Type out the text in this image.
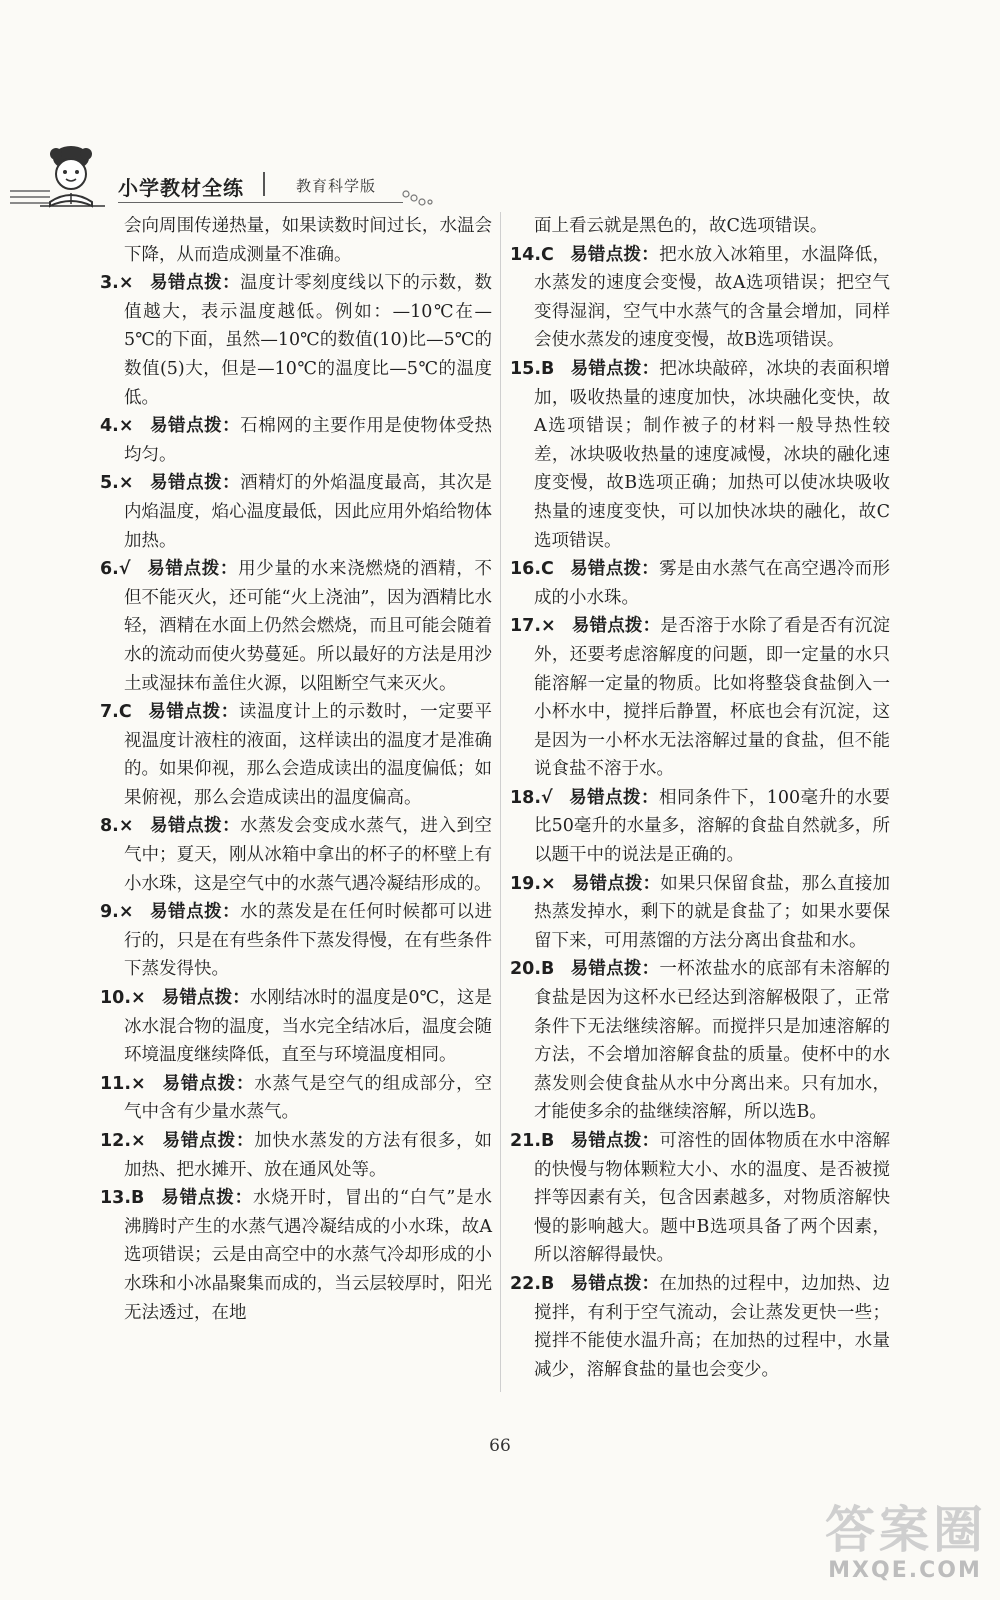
小学教材全练	教育科学版

会向周围传递热量，如果读数时间过长，水温会下降，从而造成测量不准确。

3.× 易错点拨：温度计零刻度线以下的示数，数值越大，表示温度越低。例如：—10℃在—5℃的下面，虽然—10℃的数值(10)比—5℃的数值(5)大，但是—10℃的温度比—5℃的温度低。

4.× 易错点拨：石棉网的主要作用是使物体受热均匀。

5.× 易错点拨：酒精灯的外焰温度最高，其次是内焰温度，焰心温度最低，因此应用外焰给物体加热。

6.√ 易错点拨：用少量的水来浇燃烧的酒精，不但不能灭火，还可能“火上浇油”，因为酒精比水轻，酒精在水面上仍然会燃烧，而且可能会随着水的流动而使火势蔓延。所以最好的方法是用沙土或湿抹布盖住火源，以阻断空气来灭火。

7.C 易错点拨：读温度计上的示数时，一定要平视温度计液柱的液面，这样读出的温度才是准确的。如果仰视，那么会造成读出的温度偏低；如果俯视，那么会造成读出的温度偏高。

8.× 易错点拨：水蒸发会变成水蒸气，进入到空气中；夏天，刚从冰箱中拿出的杯子的杯壁上有小水珠，这是空气中的水蒸气遇冷凝结形成的。

9.× 易错点拨：水的蒸发是在任何时候都可以进行的，只是在有些条件下蒸发得慢，在有些条件下蒸发得快。

10.× 易错点拨：水刚结冰时的温度是0℃，这是冰水混合物的温度，当水完全结冰后，温度会随环境温度继续降低，直至与环境温度相同。

11.× 易错点拨：水蒸气是空气的组成部分，空气中含有少量水蒸气。

12.× 易错点拨：加快水蒸发的方法有很多，如加热、把水摊开、放在通风处等。

13.B 易错点拨：水烧开时，冒出的“白气”是水沸腾时产生的水蒸气遇冷凝结成的小水珠，故A选项错误；云是由高空中的水蒸气冷却形成的小水珠和小冰晶聚集而成的，当云层较厚时，阳光无法透过，在地

面上看云就是黑色的，故C选项错误。

14.C 易错点拨：把水放入冰箱里，水温降低，水蒸发的速度会变慢，故A选项错误；把空气变得湿润，空气中水蒸气的含量会增加，同样会使水蒸发的速度变慢，故B选项错误。

15.B 易错点拨：把冰块敲碎，冰块的表面积增加，吸收热量的速度加快，冰块融化变快，故A选项错误；制作被子的材料一般导热性较差，冰块吸收热量的速度减慢，冰块的融化速度变慢，故B选项正确；加热可以使冰块吸收热量的速度变快，可以加快冰块的融化，故C选项错误。

16.C 易错点拨：雾是由水蒸气在高空遇冷而形成的小水珠。

17.× 易错点拨：是否溶于水除了看是否有沉淀外，还要考虑溶解度的问题，即一定量的水只能溶解一定量的物质。比如将整袋食盐倒入一小杯水中，搅拌后静置，杯底也会有沉淀，这是因为一小杯水无法溶解过量的食盐，但不能说食盐不溶于水。

18.√ 易错点拨：相同条件下，100毫升的水要比50毫升的水量多，溶解的食盐自然就多，所以题干中的说法是正确的。

19.× 易错点拨：如果只保留食盐，那么直接加热蒸发掉水，剩下的就是食盐了；如果水要保留下来，可用蒸馏的方法分离出食盐和水。

20.B 易错点拨：一杯浓盐水的底部有未溶解的食盐是因为这杯水已经达到溶解极限了，正常条件下无法继续溶解。而搅拌只是加速溶解的方法，不会增加溶解食盐的质量。使杯中的水蒸发则会使食盐从水中分离出来。只有加水，才能使多余的盐继续溶解，所以选B。

21.B 易错点拨：可溶性的固体物质在水中溶解的快慢与物体颗粒大小、水的温度、是否被搅拌等因素有关，包含因素越多，对物质溶解快慢的影响越大。题中B选项具备了两个因素，所以溶解得最快。

22.B 易错点拨：在加热的过程中，边加热、边搅拌，有利于空气流动，会让蒸发更快一些；搅拌不能使水温升高；在加热的过程中，水量减少，溶解食盐的量也会变少。

66
答案圈
MXQE.COM
